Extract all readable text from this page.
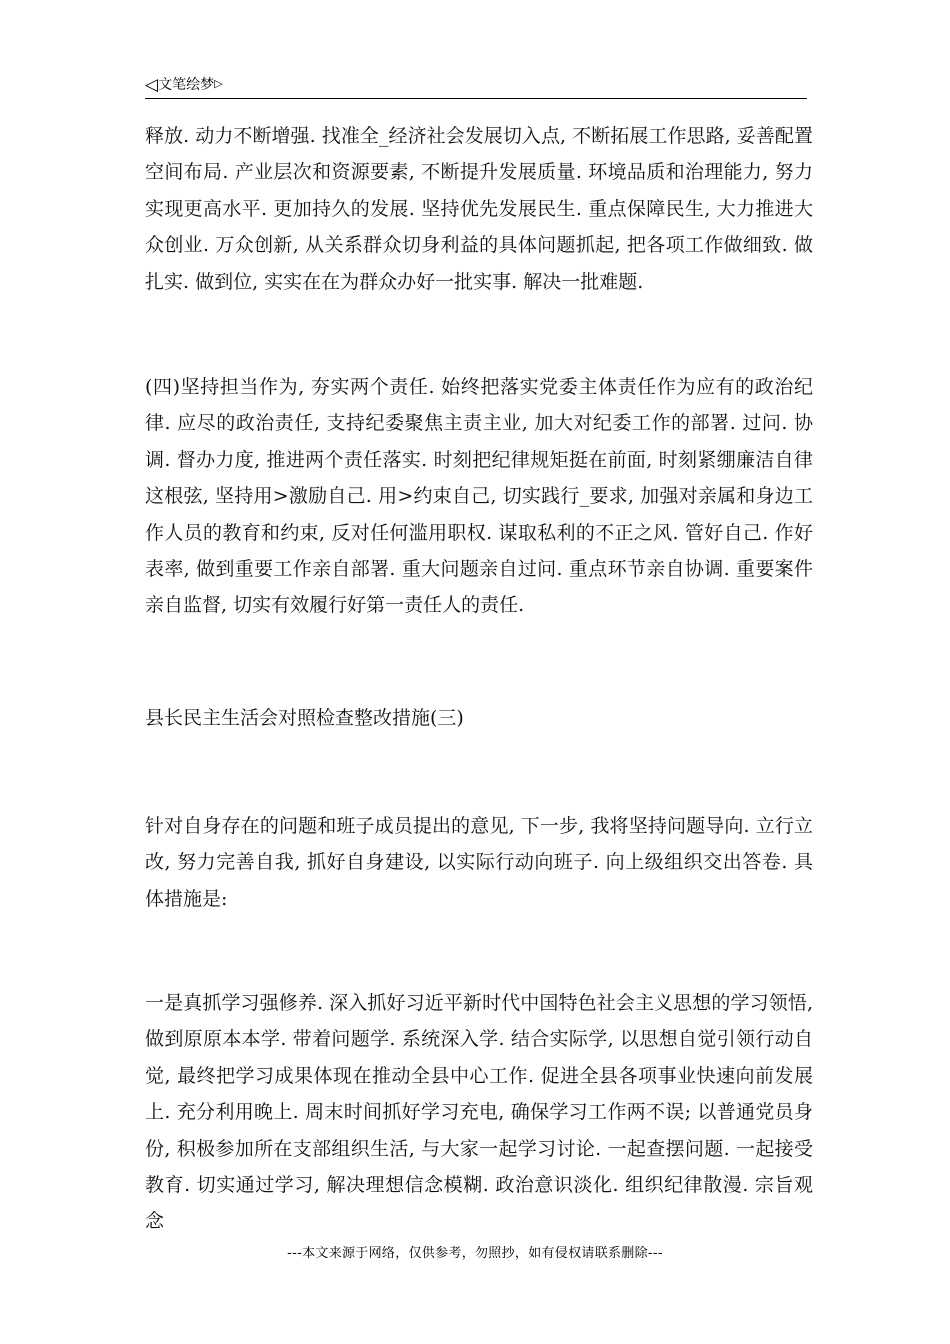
◁文笔绘梦▷

释放. 动力不断增强. 找准全_经济社会发展切入点, 不断拓展工作思路, 妥善配置空间布局. 产业层次和资源要素, 不断提升发展质量. 环境品质和治理能力, 努力实现更高水平. 更加持久的发展. 坚持优先发展民生. 重点保障民生, 大力推进大众创业. 万众创新, 从关系群众切身利益的具体问题抓起, 把各项工作做细致. 做扎实. 做到位, 实实在在为群众办好一批实事. 解决一批难题.

(四)坚持担当作为, 夯实两个责任. 始终把落实党委主体责任作为应有的政治纪律. 应尽的政治责任, 支持纪委聚焦主责主业, 加大对纪委工作的部署. 过问. 协调. 督办力度, 推进两个责任落实. 时刻把纪律规矩挺在前面, 时刻紧绷廉洁自律这根弦, 坚持用>激励自己. 用>约束自己, 切实践行_要求, 加强对亲属和身边工作人员的教育和约束, 反对任何滥用职权. 谋取私利的不正之风. 管好自己. 作好表率, 做到重要工作亲自部署. 重大问题亲自过问. 重点环节亲自协调. 重要案件亲自监督, 切实有效履行好第一责任人的责任.

县长民主生活会对照检查整改措施(三)

针对自身存在的问题和班子成员提出的意见, 下一步, 我将坚持问题导向. 立行立改, 努力完善自我, 抓好自身建设, 以实际行动向班子. 向上级组织交出答卷. 具体措施是:

一是真抓学习强修养. 深入抓好习近平新时代中国特色社会主义思想的学习领悟, 做到原原本本学. 带着问题学. 系统深入学. 结合实际学, 以思想自觉引领行动自觉, 最终把学习成果体现在推动全县中心工作. 促进全县各项事业快速向前发展上. 充分利用晚上. 周末时间抓好学习充电, 确保学习工作两不误; 以普通党员身份, 积极参加所在支部组织生活, 与大家一起学习讨论. 一起查摆问题. 一起接受教育. 切实通过学习, 解决理想信念模糊. 政治意识淡化. 组织纪律散漫. 宗旨观念

---本文来源于网络，仅供参考，勿照抄，如有侵权请联系删除---
